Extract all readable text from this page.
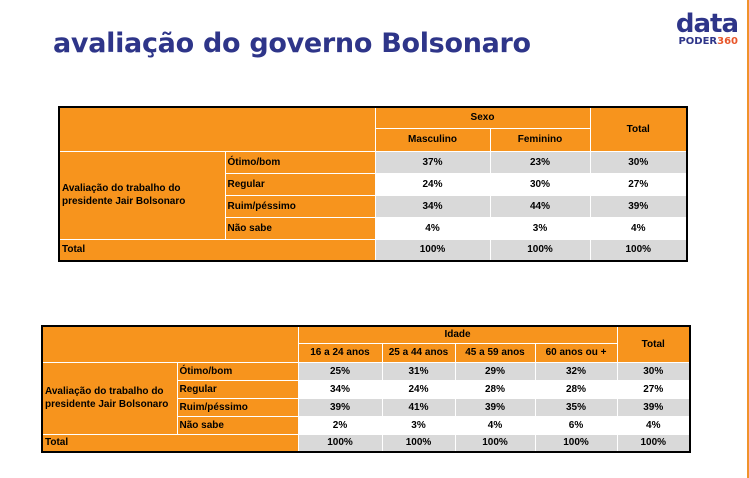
avaliação do governo Bolsonaro
data
PODER360
		Sexo		Total
		Masculino	Feminino	
Avaliação do trabalho do presidente Jair Bolsonaro	Ótimo/bom	37%	23%	30%
	Regular	24%	30%	27%
	Ruim/péssimo	34%	44%	39%
	Não sabe	4%	3%	4%
Total		100%	100%	100%
		Idade				Total
		16 a 24 anos	25 a 44 anos	45 a 59 anos	60 anos ou +	
Avaliação do trabalho do presidente Jair Bolsonaro	Ótimo/bom	25%	31%	29%	32%	30%
	Regular	34%	24%	28%	28%	27%
	Ruim/péssimo	39%	41%	39%	35%	39%
	Não sabe	2%	3%	4%	6%	4%
Total		100%	100%	100%	100%	100%
